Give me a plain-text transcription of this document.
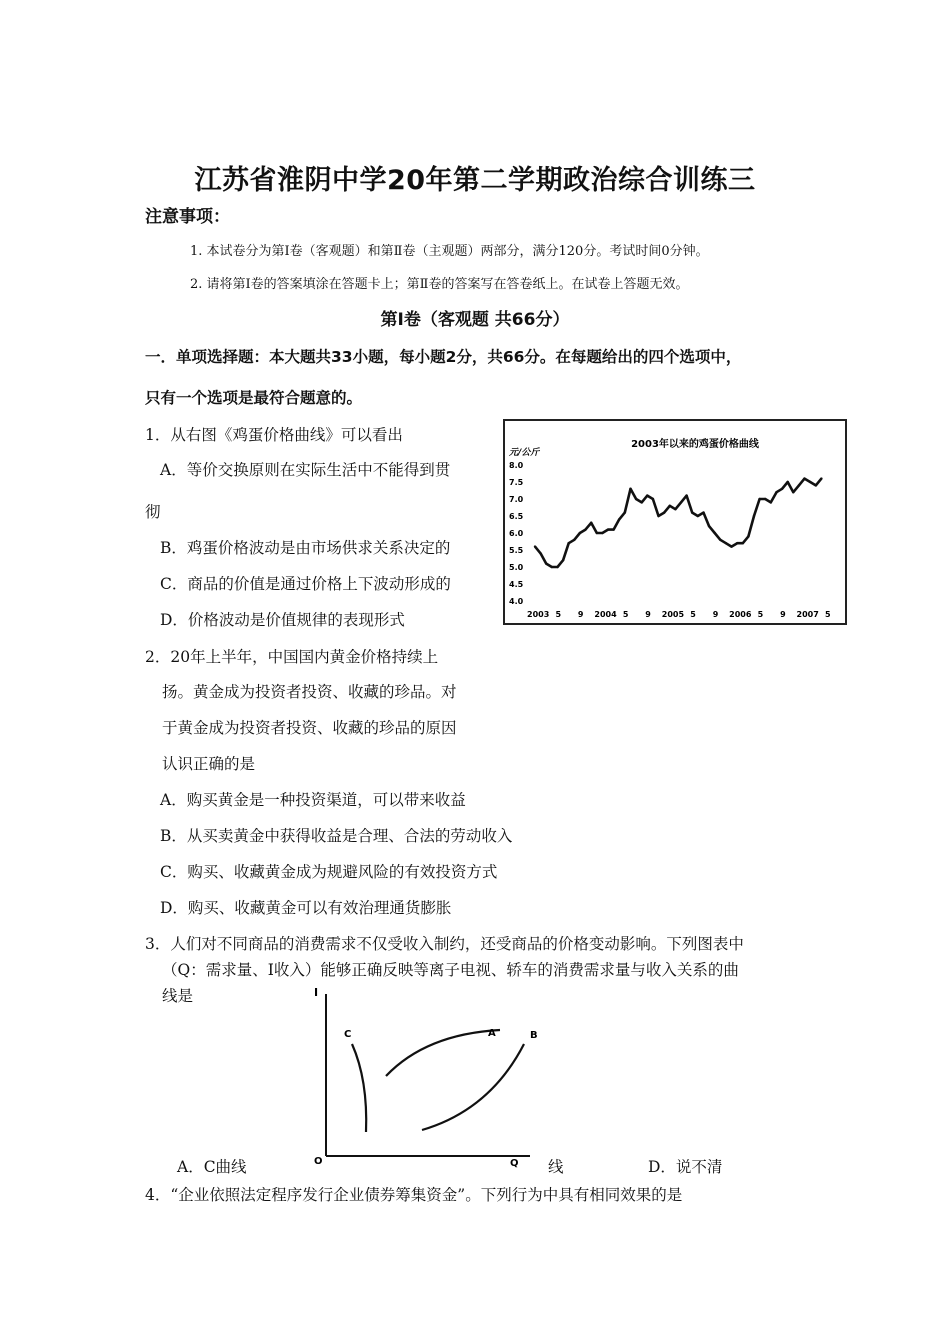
江苏省淮阴中学20年第二学期政治综合训练三
注意事项：
1. 本试卷分为第Ⅰ卷（客观题）和第Ⅱ卷（主观题）两部分，满分120分。考试时间0分钟。
2. 请将第Ⅰ卷的答案填涂在答题卡上；第Ⅱ卷的答案写在答卷纸上。在试卷上答题无效。
第Ⅰ卷（客观题 共66分）
一．单项选择题：本大题共33小题，每小题2分，共66分。在每题给出的四个选项中，
只有一个选项是最符合题意的。
1．从右图《鸡蛋价格曲线》可以看出
A．等价交换原则在实际生活中不能得到贯
彻
B．鸡蛋价格波动是由市场供求关系决定的
C．商品的价值是通过价格上下波动形成的
D．价格波动是价值规律的表现形式
2003年以来的鸡蛋价格曲线
元/公斤
8.0
7.5
7.0
6.5
6.0
5.5
5.0
4.5
4.0
2003 5 9 2004 5 9 2005 5 9 2006 5 9 2007 5
2．20年上半年，中国国内黄金价格持续上
扬。黄金成为投资者投资、收藏的珍品。对
于黄金成为投资者投资、收藏的珍品的原因
认识正确的是
A．购买黄金是一种投资渠道，可以带来收益
B．从买卖黄金中获得收益是合理、合法的劳动收入
C．购买、收藏黄金成为规避风险的有效投资方式
D．购买、收藏黄金可以有效治理通货膨胀
3．人们对不同商品的消费需求不仅受收入制约，还受商品的价格变动影响。下列图表中
（Q：需求量、I收入）能够正确反映等离子电视、轿车的消费需求量与收入关系的曲
线是	I
O	Q
C	A	B
A．C曲线	线	D．说不清
4．“企业依照法定程序发行企业债券筹集资金”。下列行为中具有相同效果的是
